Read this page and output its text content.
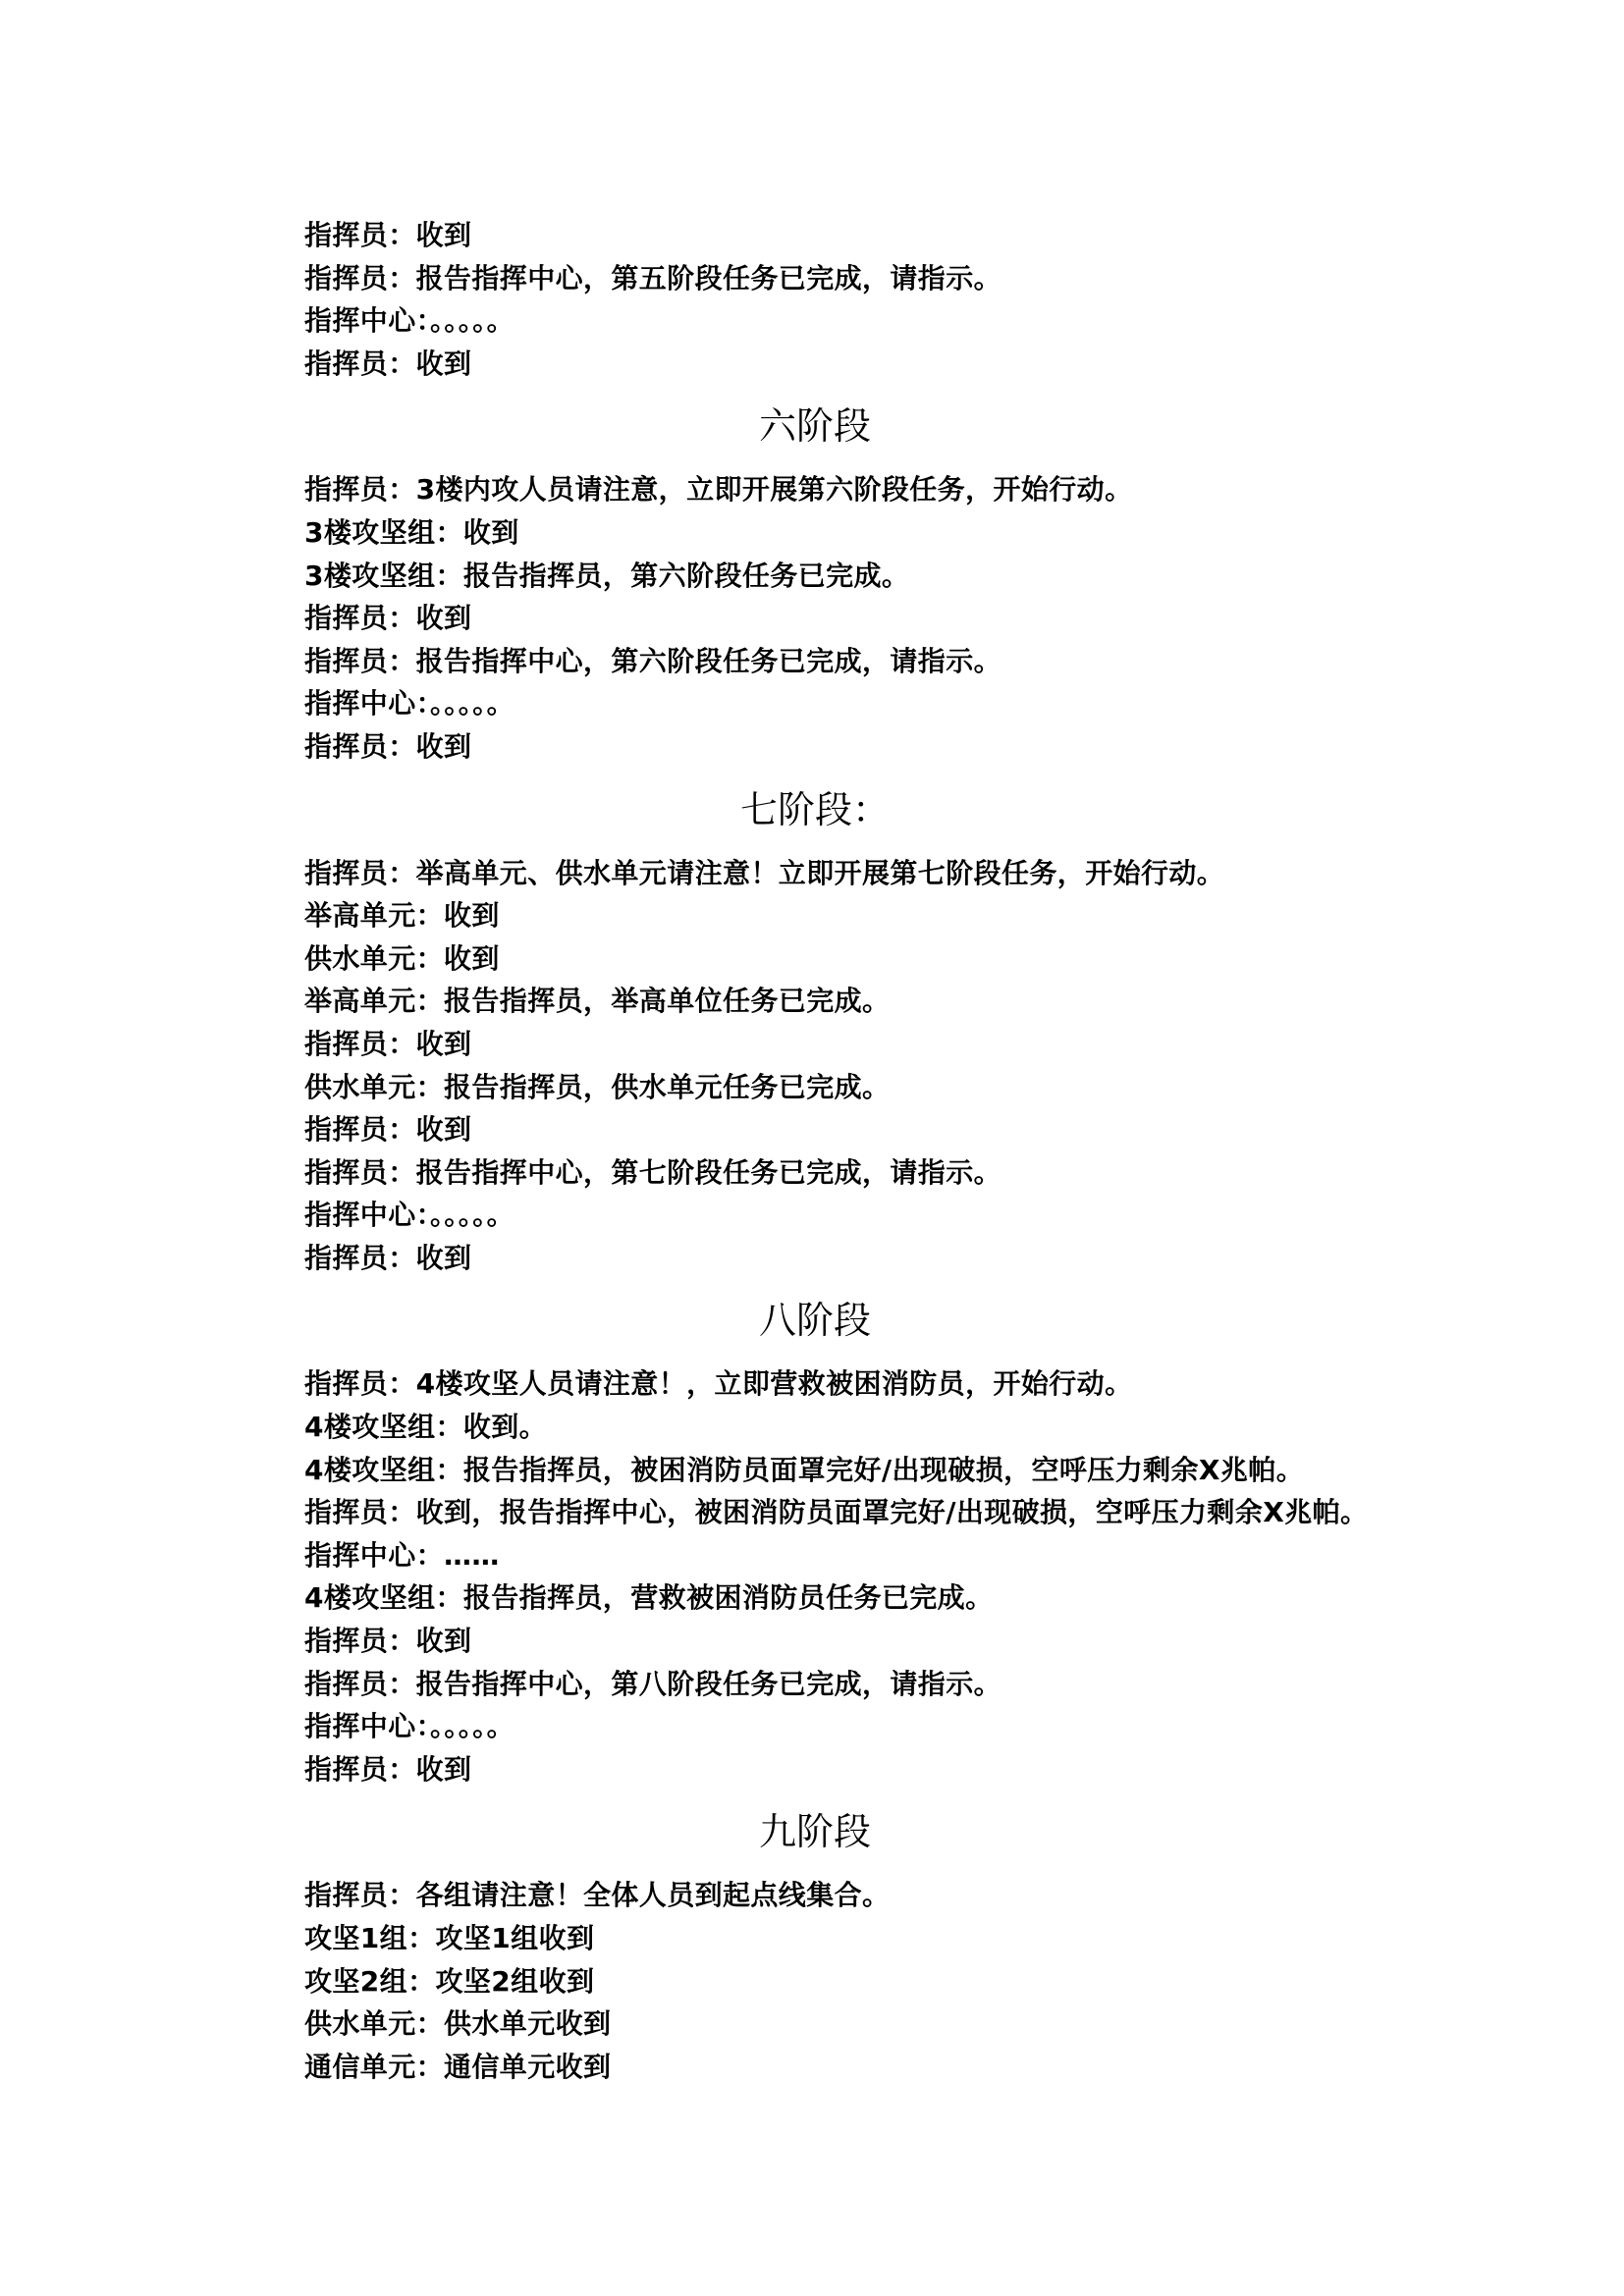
指挥员：收到
指挥员：报告指挥中心，第五阶段任务已完成，请指示。
指挥中心：。。。。。
指挥员：收到
六阶段
指挥员：3楼内攻人员请注意，立即开展第六阶段任务，开始行动。
3楼攻坚组：收到
3楼攻坚组：报告指挥员，第六阶段任务已完成。
指挥员：收到
指挥员：报告指挥中心，第六阶段任务已完成，请指示。
指挥中心：。。。。。
指挥员：收到
七阶段：
指挥员：举高单元、供水单元请注意！立即开展第七阶段任务，开始行动。
举高单元：收到
供水单元：收到
举高单元：报告指挥员，举高单位任务已完成。
指挥员：收到
供水单元：报告指挥员，供水单元任务已完成。
指挥员：收到
指挥员：报告指挥中心，第七阶段任务已完成，请指示。
指挥中心：。。。。。
指挥员：收到
八阶段
指挥员：4楼攻坚人员请注意！，立即营救被困消防员，开始行动。
4楼攻坚组：收到。
4楼攻坚组：报告指挥员，被困消防员面罩完好/出现破损，空呼压力剩余X兆帕。
指挥员：收到，报告指挥中心，被困消防员面罩完好/出现破损，空呼压力剩余X兆帕。
指挥中心：……
4楼攻坚组：报告指挥员，营救被困消防员任务已完成。
指挥员：收到
指挥员：报告指挥中心，第八阶段任务已完成，请指示。
指挥中心：。。。。。
指挥员：收到
九阶段
指挥员：各组请注意！全体人员到起点线集合。
攻坚1组：攻坚1组收到
攻坚2组：攻坚2组收到
供水单元：供水单元收到
通信单元：通信单元收到
